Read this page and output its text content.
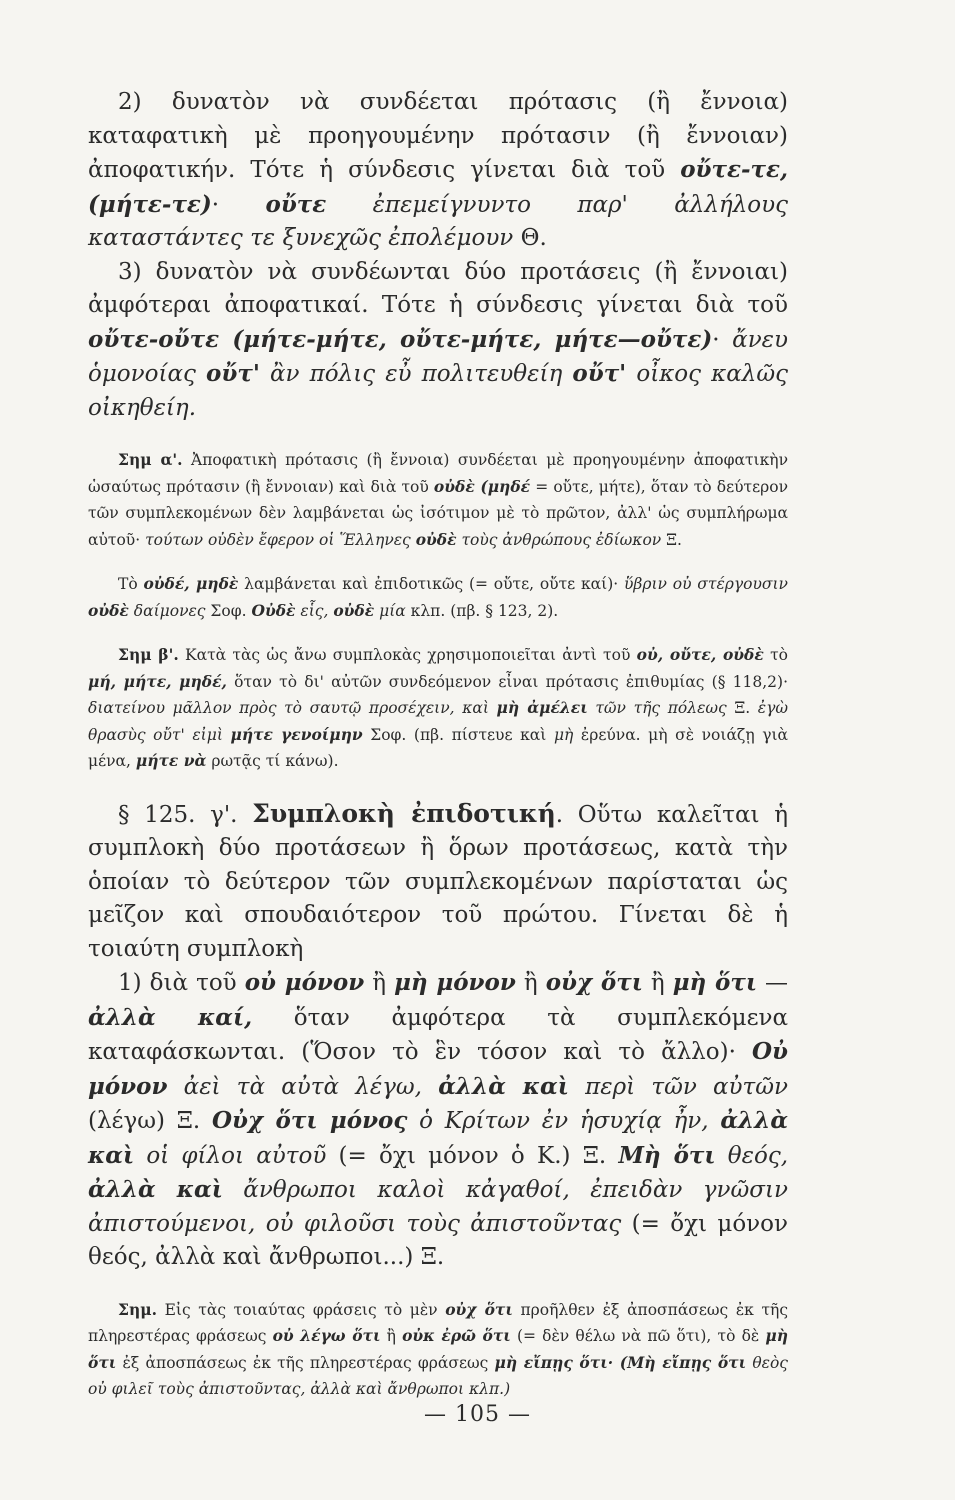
2) δυνατὸν νὰ συνδέεται πρότασις (ἢ ἔννοια) καταφατικὴ μὲ προηγουμένην πρότασιν (ἢ ἔννοιαν) ἀποφατικήν. Τότε ἡ σύνδεσις γίνεται διὰ τοῦ οὔτε-τε, (μήτε-τε)· οὔτε ἐπεμείγνυντο παρ' ἀλλήλους καταστάντες τε ξυνεχῶς ἐπολέμουν Θ.

3) δυνατὸν νὰ συνδέωνται δύο προτάσεις (ἢ ἔννοιαι) ἀμφότεραι ἀποφατικαί. Τότε ἡ σύνδεσις γίνεται διὰ τοῦ οὔτε-οὔτε (μήτε-μήτε, οὔτε-μήτε, μήτε—οὔτε)· ἄνευ ὁμονοίας οὔτ' ἂν πόλις εὖ πολιτευθείη οὔτ' οἶκος καλῶς οἰκηθείη.

Σημ α'. Ἀποφατικὴ πρότασις (ἢ ἔννοια) συνδέεται μὲ προηγουμένην ἀποφατικὴν ὡσαύτως πρότασιν (ἢ ἔννοιαν) καὶ διὰ τοῦ οὐδὲ (μηδέ = οὔτε, μήτε), ὅταν τὸ δεύτερον τῶν συμπλεκομένων δὲν λαμβάνεται ὡς ἰσότιμον μὲ τὸ πρῶτον, ἀλλ' ὡς συμπλήρωμα αὐτοῦ· τούτων οὐδὲν ἔφερον οἱ Ἕλληνες οὐδὲ τοὺς ἀνθρώπους ἐδίωκον Ξ.

Τὸ οὐδέ, μηδὲ λαμβάνεται καὶ ἐπιδοτικῶς (= οὔτε, οὔτε καί)· ὕβριν οὐ στέργουσιν οὐδὲ δαίμονες Σοφ. Οὐδὲ εἷς, οὐδὲ μία κλπ. (πβ. § 123, 2).

Σημ β'. Κατὰ τὰς ὡς ἄνω συμπλοκὰς χρησιμοποιεῖται ἀντὶ τοῦ οὐ, οὔτε, οὐδὲ τὸ μή, μήτε, μηδέ, ὅταν τὸ δι' αὐτῶν συνδεόμενον εἶναι πρότασις ἐπιθυμίας (§ 118,2)· διατείνου μᾶλλον πρὸς τὸ σαυτῷ προσέχειν, καὶ μὴ ἀμέλει τῶν τῆς πόλεως Ξ. ἐγὼ θρασὺς οὔτ' εἰμὶ μήτε γενοίμην Σοφ. (πβ. πίστευε καὶ μὴ ἐρεύνα. μὴ σὲ νοιάζῃ γιὰ μένα, μήτε νὰ ρωτᾷς τί κάνω).

§ 125. γ'. Συμπλοκὴ ἐπιδοτική. Οὕτω καλεῖται ἡ συμπλοκὴ δύο προτάσεων ἢ ὅρων προτάσεως, κατὰ τὴν ὁποίαν τὸ δεύτερον τῶν συμπλεκομένων παρίσταται ὡς μεῖζον καὶ σπουδαιότερον τοῦ πρώτου. Γίνεται δὲ ἡ τοιαύτη συμπλοκὴ

1) διὰ τοῦ οὐ μόνον ἢ μὴ μόνον ἢ οὐχ ὅτι ἢ μὴ ὅτι — ἀλλὰ καί, ὅταν ἀμφότερα τὰ συμπλεκόμενα καταφάσκωνται. (Ὅσον τὸ ἓν τόσον καὶ τὸ ἄλλο)· Οὐ μόνον ἀεὶ τὰ αὐτὰ λέγω, ἀλλὰ καὶ περὶ τῶν αὐτῶν (λέγω) Ξ. Οὐχ ὅτι μόνος ὁ Κρίτων ἐν ἡσυχίᾳ ἦν, ἀλλὰ καὶ οἱ φίλοι αὐτοῦ (= ὄχι μόνον ὁ Κ.) Ξ. Μὴ ὅτι θεός, ἀλλὰ καὶ ἄνθρωποι καλοὶ κἀγαθοί, ἐπειδὰν γνῶσιν ἀπιστούμενοι, οὐ φιλοῦσι τοὺς ἀπιστοῦντας (= ὄχι μόνον θεός, ἀλλὰ καὶ ἄνθρωποι...) Ξ.

Σημ. Εἰς τὰς τοιαύτας φράσεις τὸ μὲν οὐχ ὅτι προῆλθεν ἐξ ἀποσπάσεως ἐκ τῆς πληρεστέρας φράσεως οὐ λέγω ὅτι ἢ οὐκ ἐρῶ ὅτι (= δὲν θέλω νὰ πῶ ὅτι), τὸ δὲ μὴ ὅτι ἐξ ἀποσπάσεως ἐκ τῆς πληρεστέρας φράσεως μὴ εἴπῃς ὅτι· (Μὴ εἴπῃς ὅτι θεὸς οὐ φιλεῖ τοὺς ἀπιστοῦντας, ἀλλὰ καὶ ἄνθρωποι κλπ.)

— 105 —
